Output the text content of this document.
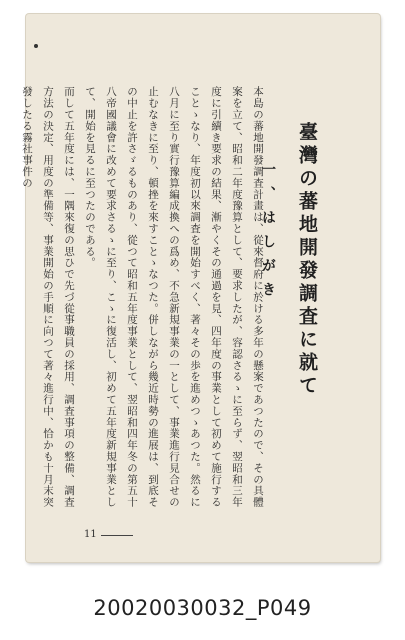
臺灣の蕃地開發調査に就て
一、はしがき

本島の蕃地開發調査計畫は、從來督府に於ける多年の懸案であつたので、その具體案を立て、昭和二年度豫算として、要求したが、容認さるゝに至らず、翌昭和三年度に引續き要求の結果、漸やくその通過を見、四年度の事業として初めて施行することゝなり、年度初以來調査を開始すべく、著々その歩を進めつゝあつた。然るに八月に至り實行豫算編成換への爲め、不急新規事業の一として、事業進行見合せの止むなきに至り、頓挫を來すことゝなつた。併しながら幾近時勢の進展は、到底その中止を許さゞるものあり、從つて昭和五年度事業として、翌昭和四年冬の第五十八帝國議會に改めて要求さるゝに至り、こゝに復活し、初めて五年度新規事業として、開始を見るに至つたのである。

而して五年度には、一隅來復の思ひで先づ從事職員の採用、調査事項の整備、調査方法の決定、用度の準備等、事業開始の手順に向つて著々進行中、恰かも十月末突發したる霧社事件の

11
20020030032_P049
